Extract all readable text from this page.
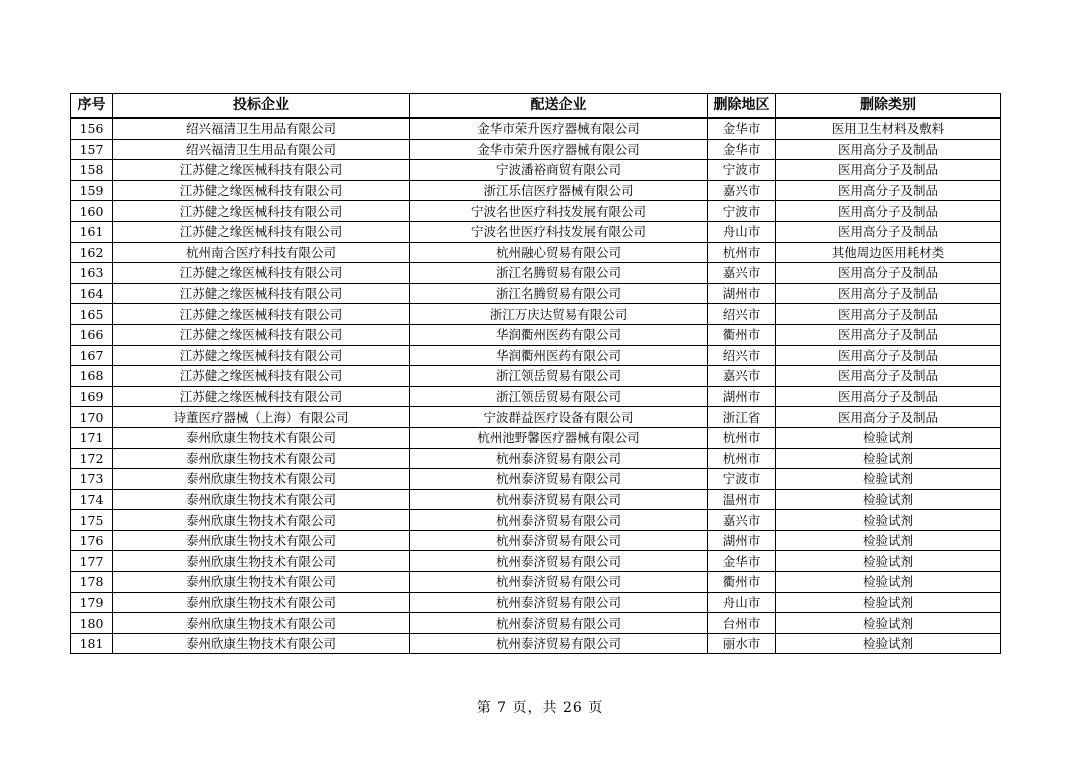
序号	投标企业	配送企业	删除地区	删除类别
156	绍兴福清卫生用品有限公司	金华市荣升医疗器械有限公司	金华市	医用卫生材料及敷料
157	绍兴福清卫生用品有限公司	金华市荣升医疗器械有限公司	金华市	医用高分子及制品
158	江苏健之缘医械科技有限公司	宁波潘裕商贸有限公司	宁波市	医用高分子及制品
159	江苏健之缘医械科技有限公司	浙江乐信医疗器械有限公司	嘉兴市	医用高分子及制品
160	江苏健之缘医械科技有限公司	宁波名世医疗科技发展有限公司	宁波市	医用高分子及制品
161	江苏健之缘医械科技有限公司	宁波名世医疗科技发展有限公司	舟山市	医用高分子及制品
162	杭州南合医疗科技有限公司	杭州融心贸易有限公司	杭州市	其他周边医用耗材类
163	江苏健之缘医械科技有限公司	浙江名腾贸易有限公司	嘉兴市	医用高分子及制品
164	江苏健之缘医械科技有限公司	浙江名腾贸易有限公司	湖州市	医用高分子及制品
165	江苏健之缘医械科技有限公司	浙江万庆达贸易有限公司	绍兴市	医用高分子及制品
166	江苏健之缘医械科技有限公司	华润衢州医药有限公司	衢州市	医用高分子及制品
167	江苏健之缘医械科技有限公司	华润衢州医药有限公司	绍兴市	医用高分子及制品
168	江苏健之缘医械科技有限公司	浙江领岳贸易有限公司	嘉兴市	医用高分子及制品
169	江苏健之缘医械科技有限公司	浙江领岳贸易有限公司	湖州市	医用高分子及制品
170	诗董医疗器械（上海）有限公司	宁波群益医疗设备有限公司	浙江省	医用高分子及制品
171	泰州欣康生物技术有限公司	杭州池野馨医疗器械有限公司	杭州市	检验试剂
172	泰州欣康生物技术有限公司	杭州泰济贸易有限公司	杭州市	检验试剂
173	泰州欣康生物技术有限公司	杭州泰济贸易有限公司	宁波市	检验试剂
174	泰州欣康生物技术有限公司	杭州泰济贸易有限公司	温州市	检验试剂
175	泰州欣康生物技术有限公司	杭州泰济贸易有限公司	嘉兴市	检验试剂
176	泰州欣康生物技术有限公司	杭州泰济贸易有限公司	湖州市	检验试剂
177	泰州欣康生物技术有限公司	杭州泰济贸易有限公司	金华市	检验试剂
178	泰州欣康生物技术有限公司	杭州泰济贸易有限公司	衢州市	检验试剂
179	泰州欣康生物技术有限公司	杭州泰济贸易有限公司	舟山市	检验试剂
180	泰州欣康生物技术有限公司	杭州泰济贸易有限公司	台州市	检验试剂
181	泰州欣康生物技术有限公司	杭州泰济贸易有限公司	丽水市	检验试剂
第 7 页，共 26 页
